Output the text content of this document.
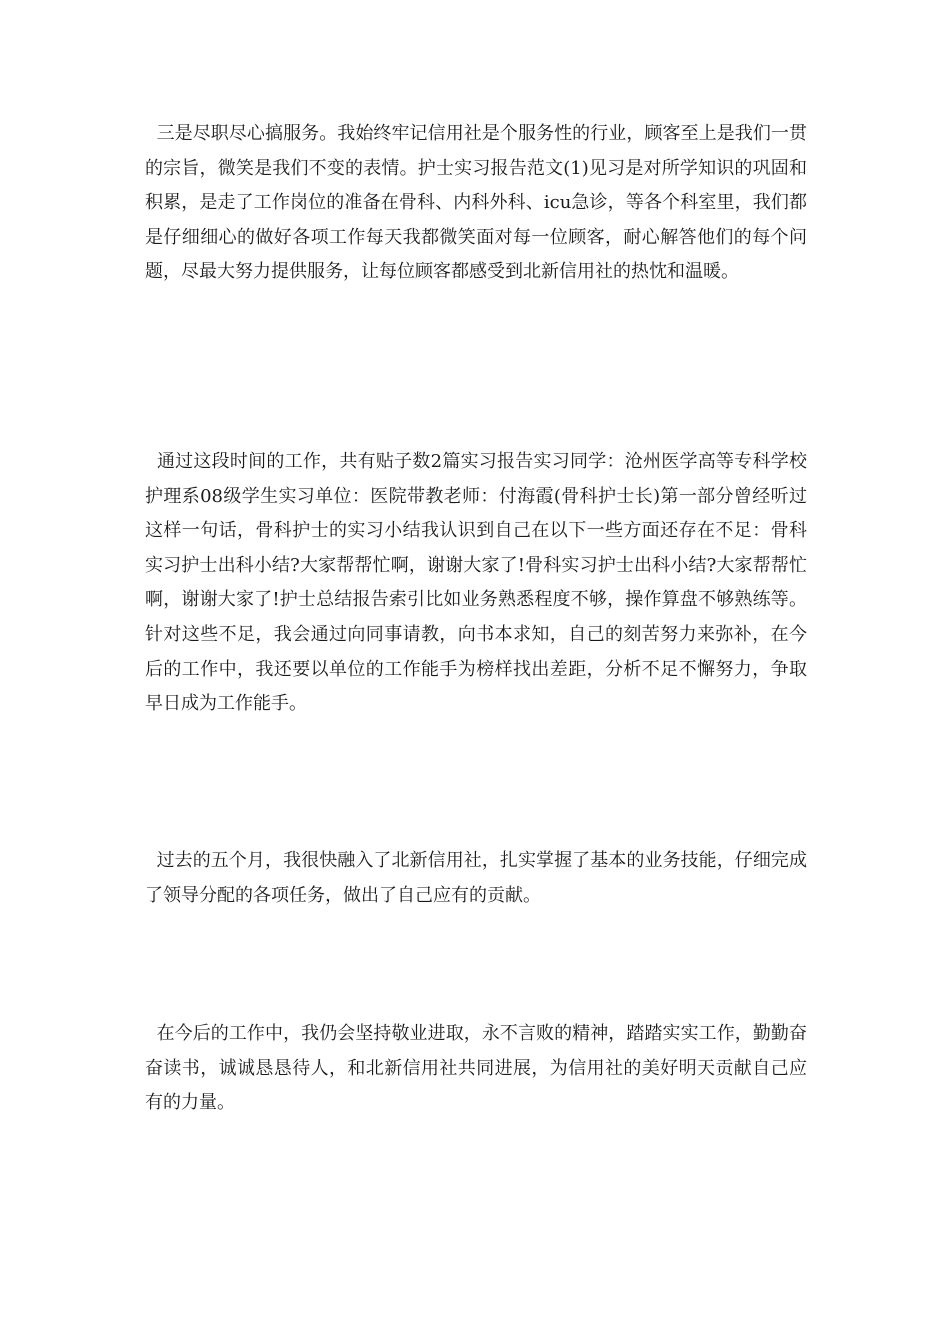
三是尽职尽心搞服务。我始终牢记信用社是个服务性的行业，顾客至上是我们一贯的宗旨，微笑是我们不变的表情。护士实习报告范文(1)见习是对所学知识的巩固和积累，是走了工作岗位的准备在骨科、内科外科、icu急诊，等各个科室里，我们都是仔细细心的做好各项工作每天我都微笑面对每一位顾客，耐心解答他们的每个问题，尽最大努力提供服务，让每位顾客都感受到北新信用社的热忱和温暖。

通过这段时间的工作，共有贴子数2篇实习报告实习同学：沧州医学高等专科学校护理系08级学生实习单位：医院带教老师：付海霞(骨科护士长)第一部分曾经听过这样一句话，骨科护士的实习小结我认识到自己在以下一些方面还存在不足：骨科实习护士出科小结?大家帮帮忙啊，谢谢大家了!骨科实习护士出科小结?大家帮帮忙啊，谢谢大家了!护士总结报告索引比如业务熟悉程度不够，操作算盘不够熟练等。针对这些不足，我会通过向同事请教，向书本求知，自己的刻苦努力来弥补，在今后的工作中，我还要以单位的工作能手为榜样找出差距，分析不足不懈努力，争取早日成为工作能手。

过去的五个月，我很快融入了北新信用社，扎实掌握了基本的业务技能，仔细完成了领导分配的各项任务，做出了自己应有的贡献。

在今后的工作中，我仍会坚持敬业进取，永不言败的精神，踏踏实实工作，勤勤奋奋读书，诚诚恳恳待人，和北新信用社共同进展，为信用社的美好明天贡献自己应有的力量。
